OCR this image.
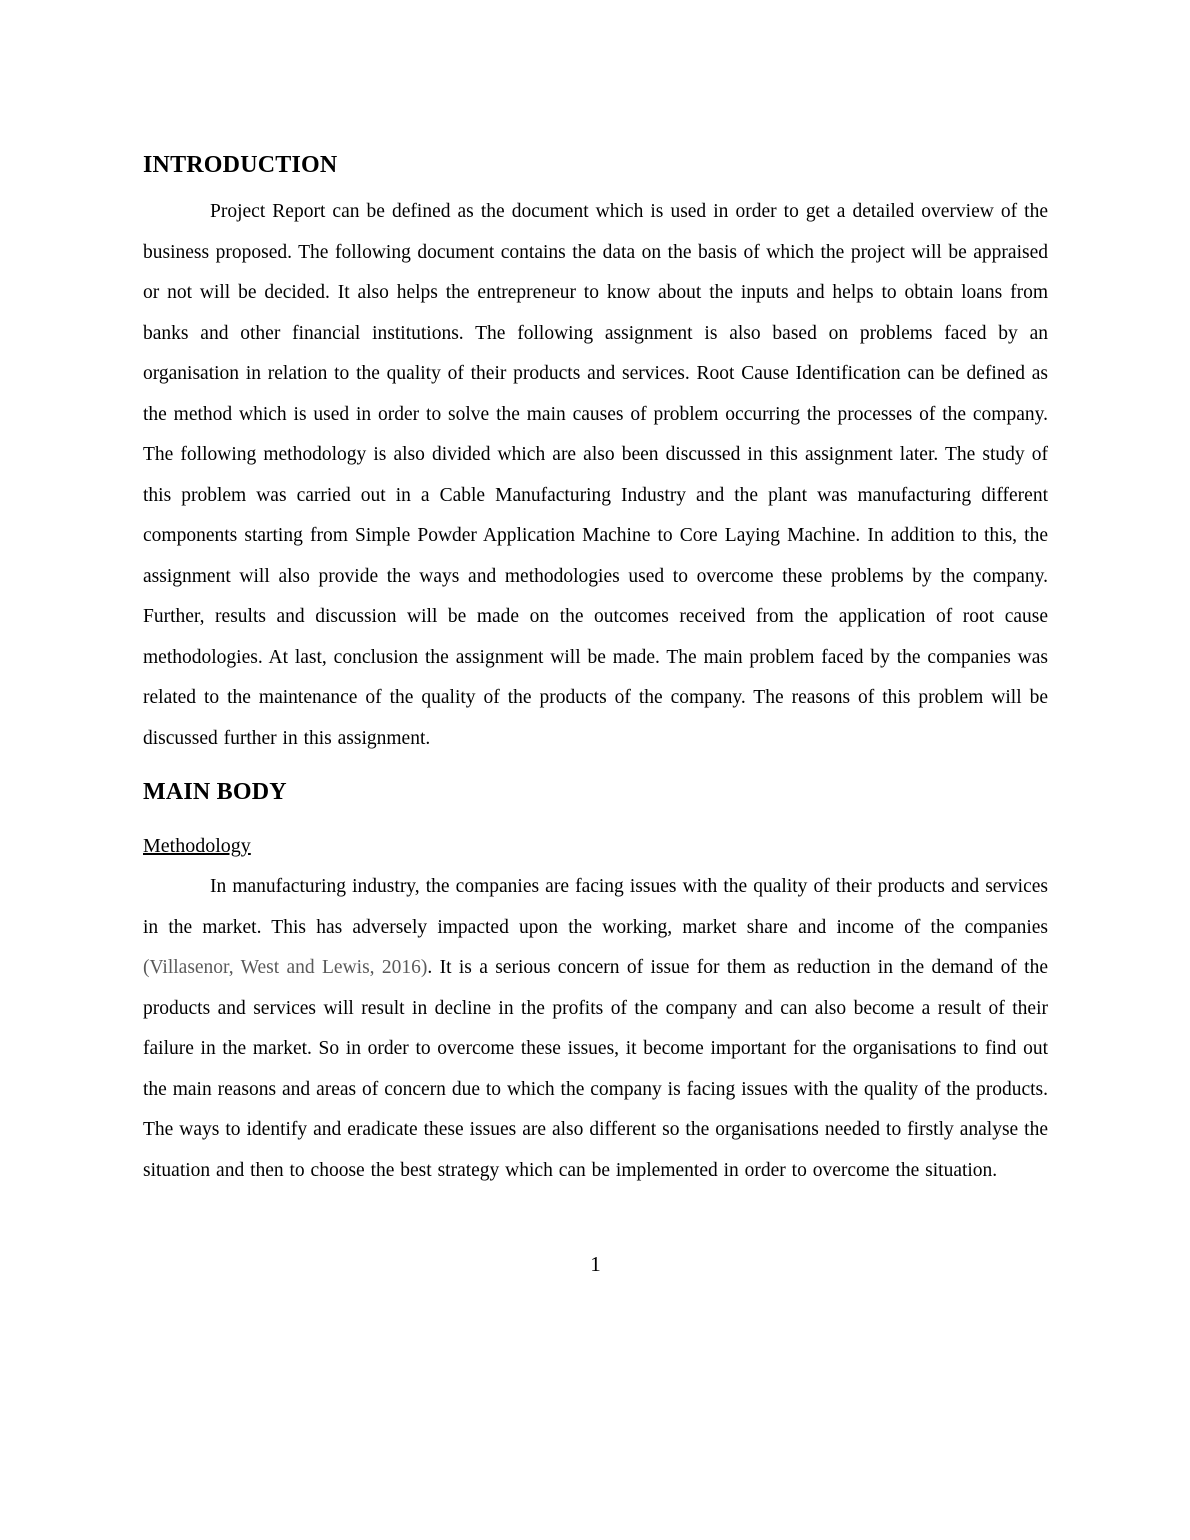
INTRODUCTION

Project Report can be defined as the document which is used in order to get a detailed overview of the business proposed. The following document contains the data on the basis of which the project will be appraised or not will be decided. It also helps the entrepreneur to know about the inputs and helps to obtain loans from banks and other financial institutions. The following assignment is also based on problems faced by an organisation in relation to the quality of their products and services. Root Cause Identification can be defined as the method which is used in order to solve the main causes of problem occurring the processes of the company. The following methodology is also divided which are also been discussed in this assignment later. The study of this problem was carried out in a Cable Manufacturing Industry and the plant was manufacturing different components starting from Simple Powder Application Machine to Core Laying Machine. In addition to this, the assignment will also provide the ways and methodologies used to overcome these problems by the company. Further, results and discussion will be made on the outcomes received from the application of root cause methodologies. At last, conclusion the assignment will be made. The main problem faced by the companies was related to the maintenance of the quality of the products of the company. The reasons of this problem will be discussed further in this assignment.

MAIN BODY
Methodology

In manufacturing industry, the companies are facing issues with the quality of their products and services in the market. This has adversely impacted upon the working, market share and income of the companies (Villasenor, West and Lewis, 2016). It is a serious concern of issue for them as reduction in the demand of the products and services will result in decline in the profits of the company and can also become a result of their failure in the market. So in order to overcome these issues, it become important for the organisations to find out the main reasons and areas of concern due to which the company is facing issues with the quality of the products. The ways to identify and eradicate these issues are also different so the organisations needed to firstly analyse the situation and then to choose the best strategy which can be implemented in order to overcome the situation.

1
